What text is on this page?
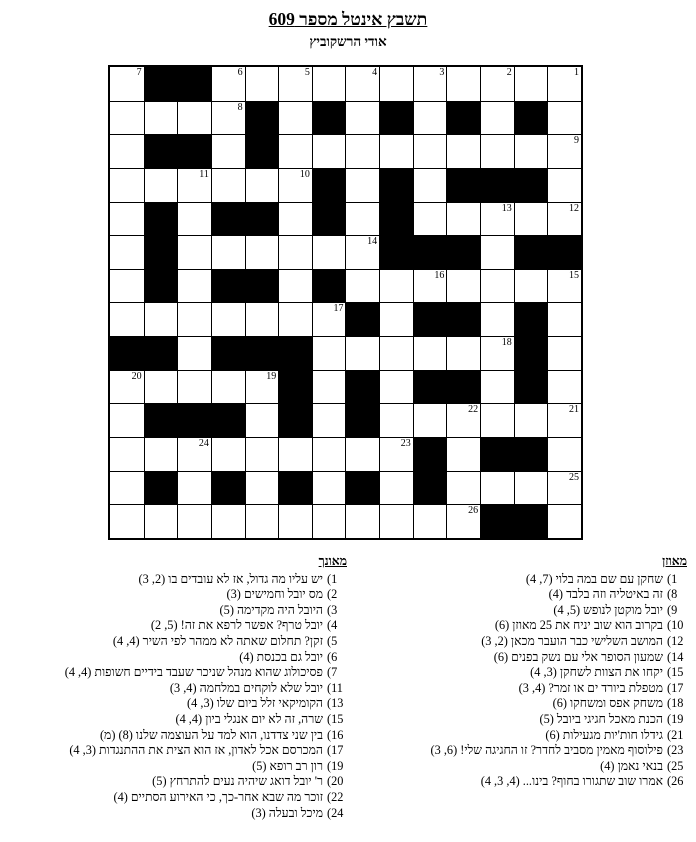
תשבץ אינטל מספר 609
אודי הרשקוביץ
7	6	5	4	3	2	1
8
9
11	10
13	12
14
16	15
17
18
20	19
22	21
24	23
25
26
מאוזן
1)
שחקן עם שם במה בלוי (7, 4)
8)
זה באיטליה וזה בלבד (4)
9)
יובל מוקטן לנופש (5, 4)
10)
בקרוב הוא שוב יניח את 25 מאוזן (6)
12)
המושב השלישי כבר הועבר מכאן (2, 3)
14)
שמעון הסופר אלי עם נשק בפנים (6)
15)
יקחו את הצוות לשחקן (3, 4)
17)
מטפלת ביורד ים או זמר? (4, 3)
18)
משחק אפס ומשחקו (6)
19)
הכנת מאכל חגיגי ביובל (5)
21)
גידלו חות'יות מגעילות (6)
23)
פילוסוף מאמין מסביב לחדר? זו החגיגה שלי! (6, 3)
25)
בנאי נאמן (4)
26)
אמרו שוב שתגורו בחוף? בינו... (4, 3, 4)
מאונך
1)
יש עליו מה גדול, אז לא עובדים בו (2, 3)
2)
מס יובל וחמישים (3)
3)
היובל היה מקדימה (5)
4)
יובל טרף? אפשר לרפא את זה! (5, 2)
5)
זקן? תחלום שאתה לא ממהר לפי השיר (4, 4)
6)
יובל גם בכנסת (4)
7)
פסיכולוג שהוא מנהל שניכר שעבד בידיים חשופות (4, 4)
11)
יובל שלא לוקחים במלחמה (4, 3)
13)
הקומיקאי זלל ביום שלו (3, 4)
15)
שרה, זה לא יום אנגלי ביון (4, 4)
16)
בין שני צדדנו, הוא למד על העוצמה שלנו (8) (מ)
17)
המכרסם אכל לאדון, אז הוא הצית את ההתנגדות (3, 4)
19)
רון רב רופא (5)
20)
ר' יובל דואג שיהיה נעים להתרחץ (5)
22)
זוכר מה שבא אחר-כך, כי האירוע הסתיים (4)
24)
מיכל ובעלה (3)
